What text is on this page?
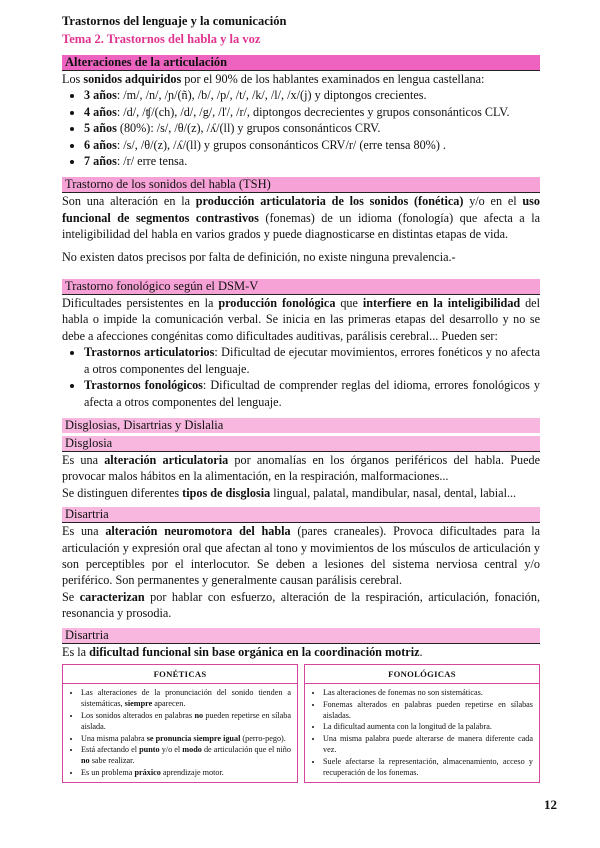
Trastornos del lenguaje y la comunicación
Tema 2. Trastornos del habla y la voz
Alteraciones de la articulación

Los sonidos adquiridos por el 90% de los hablantes examinados en lengua castellana:

• 3 años: /m/, /n/, /ɲ/(ñ), /b/, /p/, /t/, /k/, /l/, /x/(j) y diptongos crecientes.
• 4 años: /d/, /ʧ/(ch), /d/, /g/, /ľ/, /r/, diptongos decrecientes y grupos consonánticos CLV.
• 5 años (80%): /s/, /θ/(z), /ʎ/(ll) y grupos consonánticos CRV.
• 6 años: /s/, /θ/(z), /ʎ/(ll) y grupos consonánticos CRV/r/ (erre tensa 80%) .
• 7 años: /r/ erre tensa.
Trastorno de los sonidos del habla (TSH)

Son una alteración en la producción articulatoria de los sonidos (fonética) y/o en el uso funcional de segmentos contrastivos (fonemas) de un idioma (fonología) que afecta a la inteligibilidad del habla en varios grados y puede diagnosticarse en distintas etapas de vida.

No existen datos precisos por falta de definición, no existe ninguna prevalencia.-

Trastorno fonológico según el DSM-V

Dificultades persistentes en la producción fonológica que interfiere en la inteligibilidad del habla o impide la comunicación verbal. Se inicia en las primeras etapas del desarrollo y no se debe a afecciones congénitas como dificultades auditivas, parálisis cerebral... Pueden ser:

• Trastornos articulatorios: Dificultad de ejecutar movimientos, errores fonéticos y no afecta a otros componentes del lenguaje.
• Trastornos fonológicos: Dificultad de comprender reglas del idioma, errores fonológicos y afecta a otros componentes del lenguaje.
Disglosias, Disartrias y Dislalia
Disglosia

Es una alteración articulatoria por anomalías en los órganos periféricos del habla. Puede provocar malos hábitos en la alimentación, en la respiración, malformaciones...

Se distinguen diferentes tipos de disglosia lingual, palatal, mandibular, nasal, dental, labial...

Disartria

Es una alteración neuromotora del habla (pares craneales). Provoca dificultades para la articulación y expresión oral que afectan al tono y movimientos de los músculos de articulación y son perceptibles por el interlocutor. Se deben a lesiones del sistema nerviosa central y/o periférico. Son permanentes y generalmente causan parálisis cerebral.

Se caracterizan por hablar con esfuerzo, alteración de la respiración, articulación, fonación, resonancia y prosodia.

Disartria

Es la dificultad funcional sin base orgánica en la coordinación motriz.

FONÉTICAS
• Las alteraciones de la pronunciación del sonido tienden a sistemáticas, siempre aparecen.
• Los sonidos alterados en palabras no pueden repetirse en sílaba aislada.
• Una misma palabra se pronuncia siempre igual (perro-pego).
• Está afectando el punto y/o el modo de articulación que el niño no sabe realizar.
• Es un problema práxico aprendizaje motor.
FONOLÓGICAS
• Las alteraciones de fonemas no son sistemáticas.
• Fonemas alterados en palabras pueden repetirse en sílabas aisladas.
• La dificultad aumenta con la longitud de la palabra.
• Una misma palabra puede alterarse de manera diferente cada vez.
• Suele afectarse la representación, almacenamiento, acceso y recuperación de los fonemas.
12
